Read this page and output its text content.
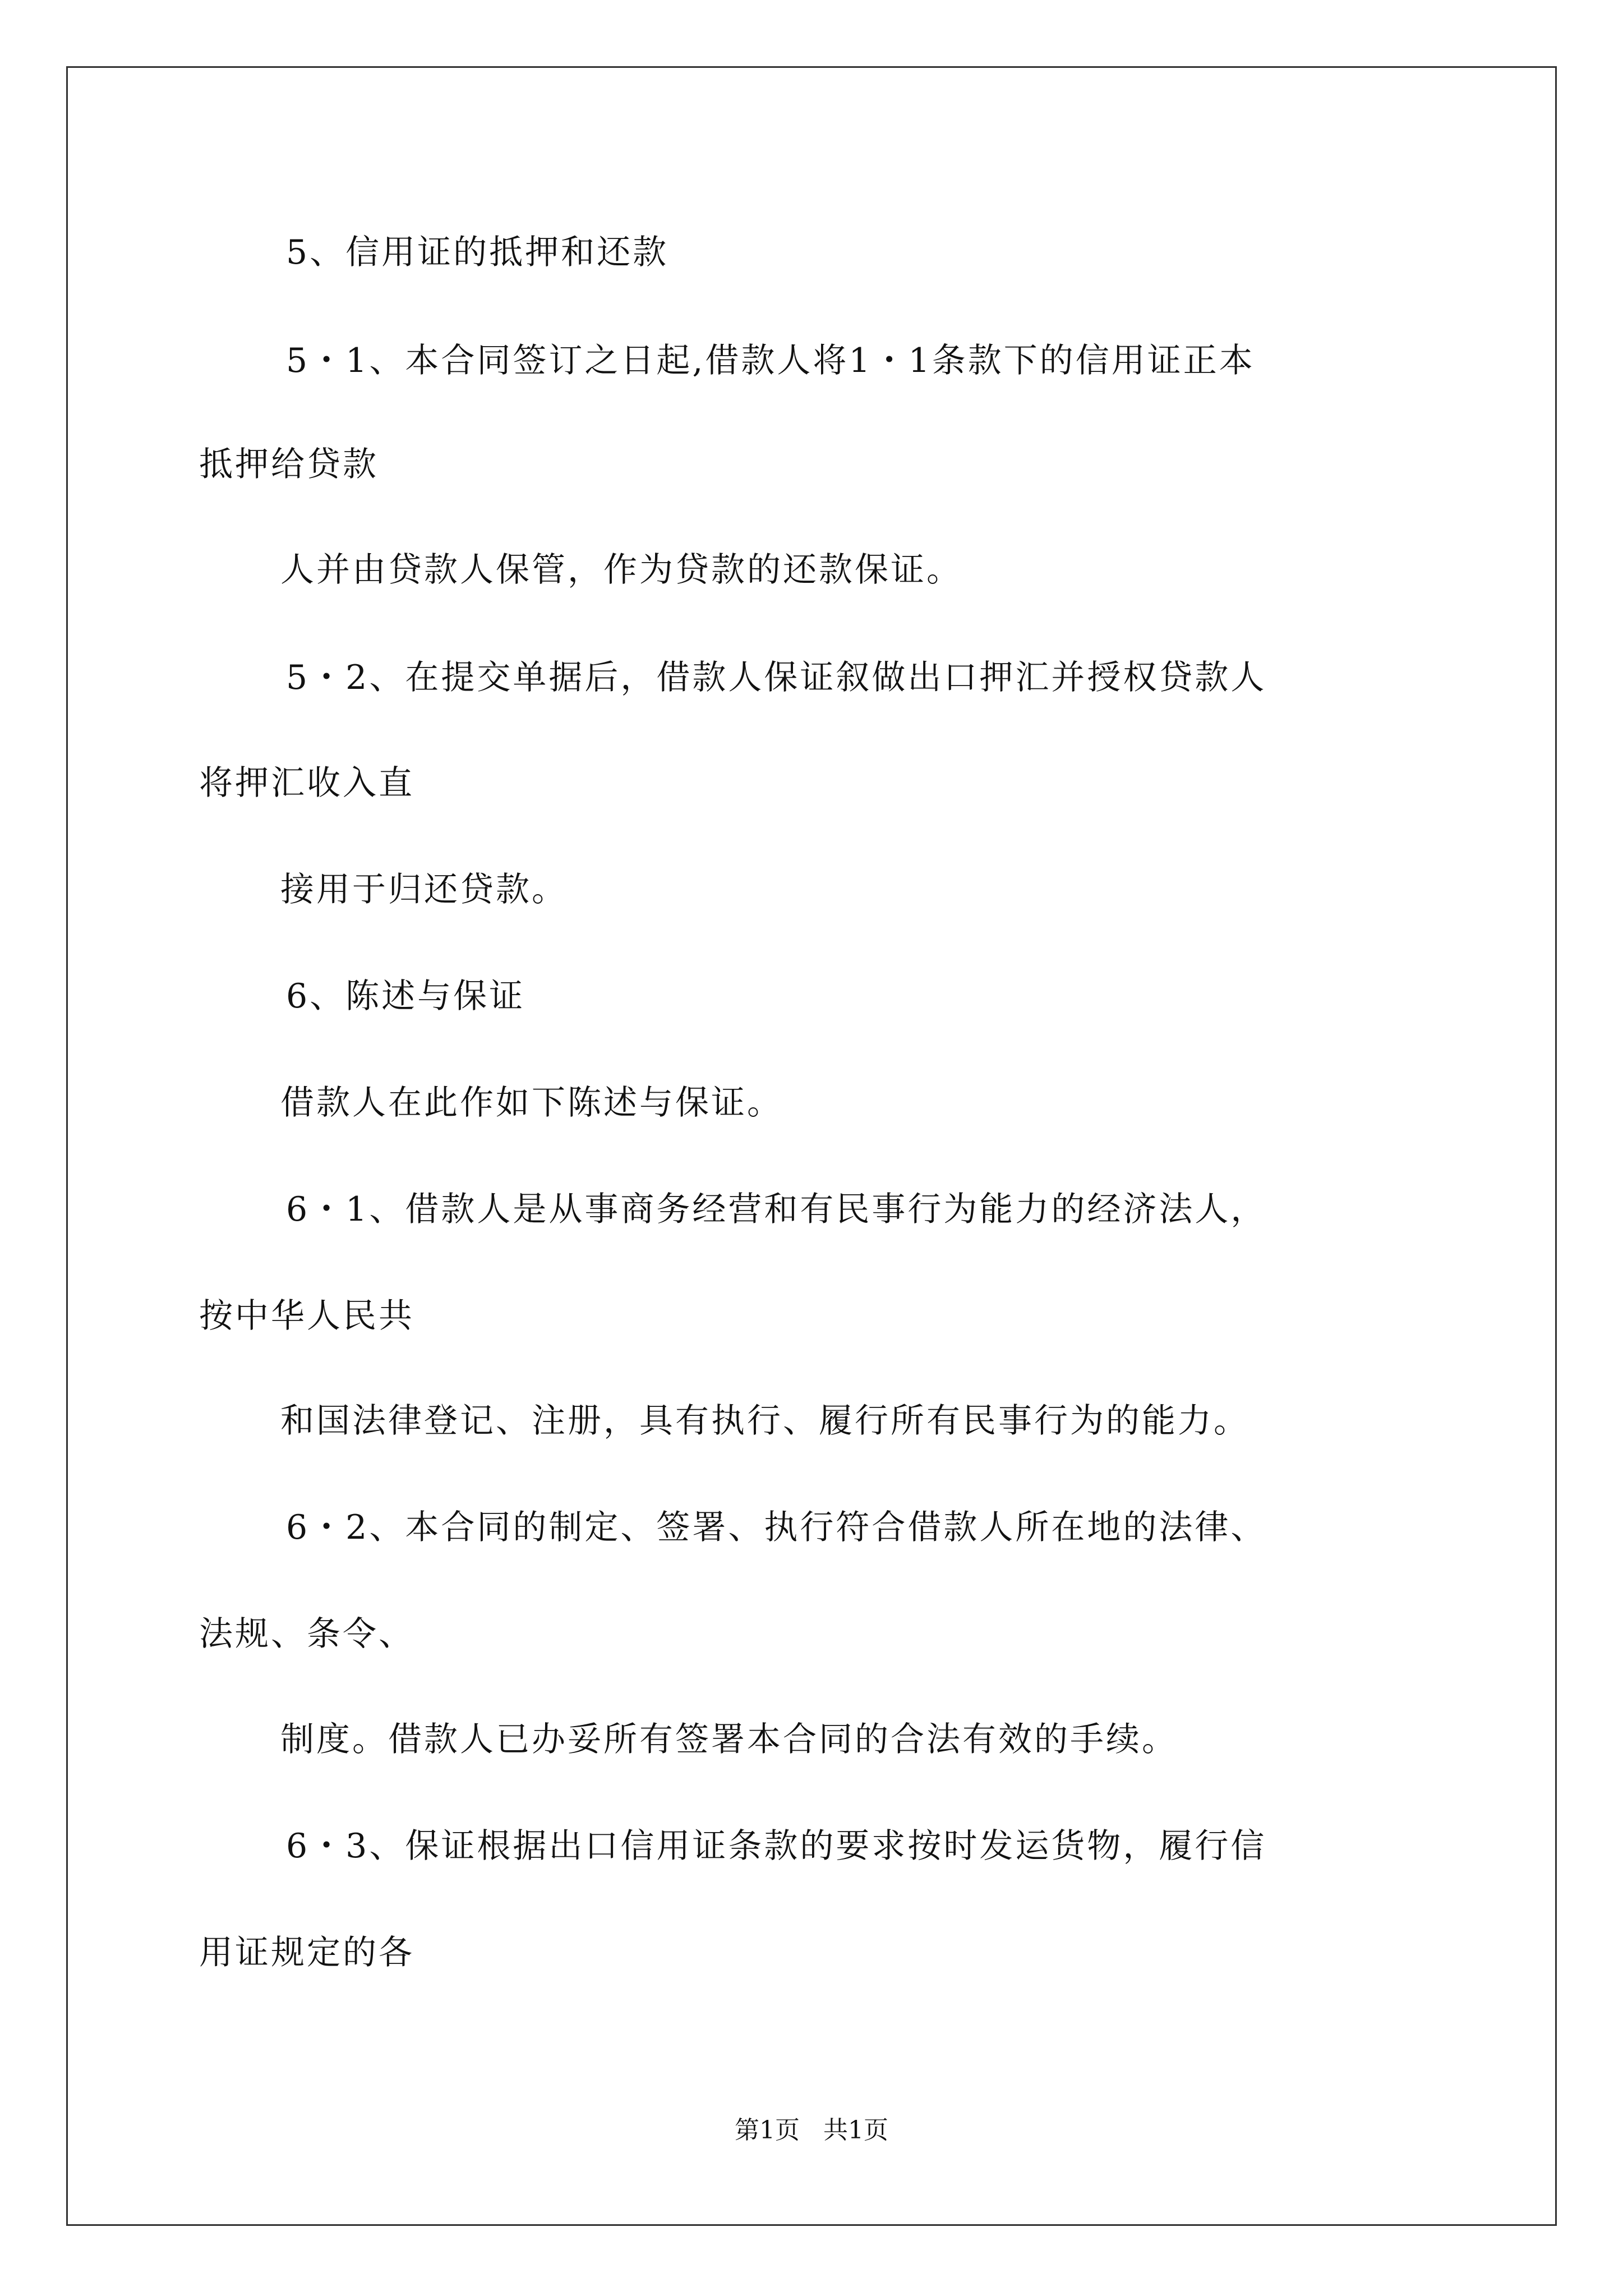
5、信用证的抵押和还款
5・1、本合同签订之日起,借款人将1・1条款下的信用证正本
抵押给贷款
人并由贷款人保管，作为贷款的还款保证。
5・2、在提交单据后，借款人保证叙做出口押汇并授权贷款人
将押汇收入直
接用于归还贷款。
6、陈述与保证
借款人在此作如下陈述与保证。
6・1、借款人是从事商务经营和有民事行为能力的经济法人，
按中华人民共
和国法律登记、注册，具有执行、履行所有民事行为的能力。
6・2、本合同的制定、签署、执行符合借款人所在地的法律、
法规、条令、
制度。借款人已办妥所有签署本合同的合法有效的手续。
6・3、保证根据出口信用证条款的要求按时发运货物，履行信
用证规定的各
第1页   共1页
